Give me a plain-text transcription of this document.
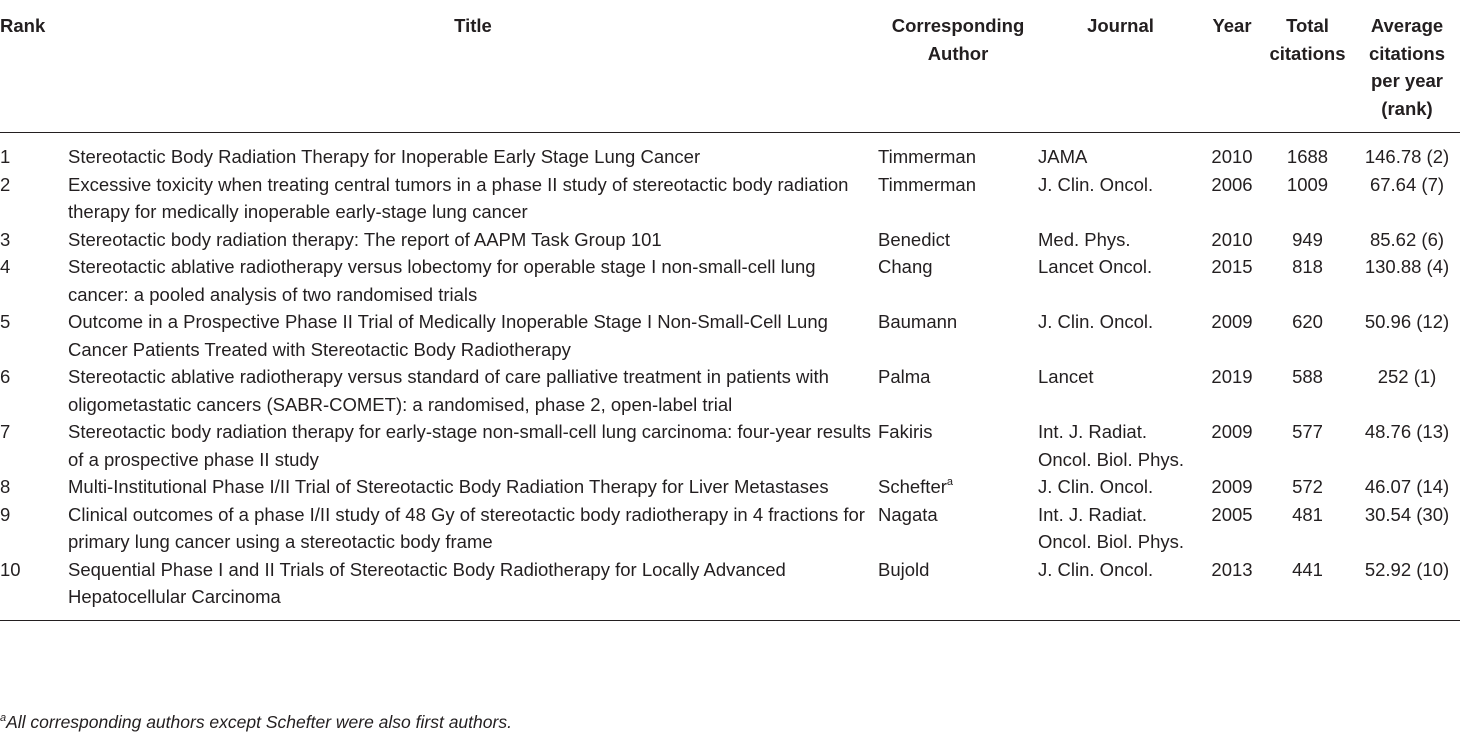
Rank	Title	Corresponding Author	Journal	Year	Total citations	Average citations per year (rank)
1	Stereotactic Body Radiation Therapy for Inoperable Early Stage Lung Cancer	Timmerman	JAMA	2010	1688	146.78 (2)
2	Excessive toxicity when treating central tumors in a phase II study of stereotactic body radiation therapy for medically inoperable early-stage lung cancer	Timmerman	J. Clin. Oncol.	2006	1009	67.64 (7)
3	Stereotactic body radiation therapy: The report of AAPM Task Group 101	Benedict	Med. Phys.	2010	949	85.62 (6)
4	Stereotactic ablative radiotherapy versus lobectomy for operable stage I non-small-cell lung cancer: a pooled analysis of two randomised trials	Chang	Lancet Oncol.	2015	818	130.88 (4)
5	Outcome in a Prospective Phase II Trial of Medically Inoperable Stage I Non-Small-Cell Lung Cancer Patients Treated with Stereotactic Body Radiotherapy	Baumann	J. Clin. Oncol.	2009	620	50.96 (12)
6	Stereotactic ablative radiotherapy versus standard of care palliative treatment in patients with oligometastatic cancers (SABR-COMET): a randomised, phase 2, open-label trial	Palma	Lancet	2019	588	252 (1)
7	Stereotactic body radiation therapy for early-stage non-small-cell lung carcinoma: four-year results of a prospective phase II study	Fakiris	Int. J. Radiat. Oncol. Biol. Phys.	2009	577	48.76 (13)
8	Multi-Institutional Phase I/II Trial of Stereotactic Body Radiation Therapy for Liver Metastases	Schefter$^a$	J. Clin. Oncol.	2009	572	46.07 (14)
9	Clinical outcomes of a phase I/II study of 48 Gy of stereotactic body radiotherapy in 4 fractions for primary lung cancer using a stereotactic body frame	Nagata	Int. J. Radiat. Oncol. Biol. Phys.	2005	481	30.54 (30)
10	Sequential Phase I and II Trials of Stereotactic Body Radiotherapy for Locally Advanced Hepatocellular Carcinoma	Bujold	J. Clin. Oncol.	2013	441	52.92 (10)
$^a$All corresponding authors except Schefter were also first authors.
